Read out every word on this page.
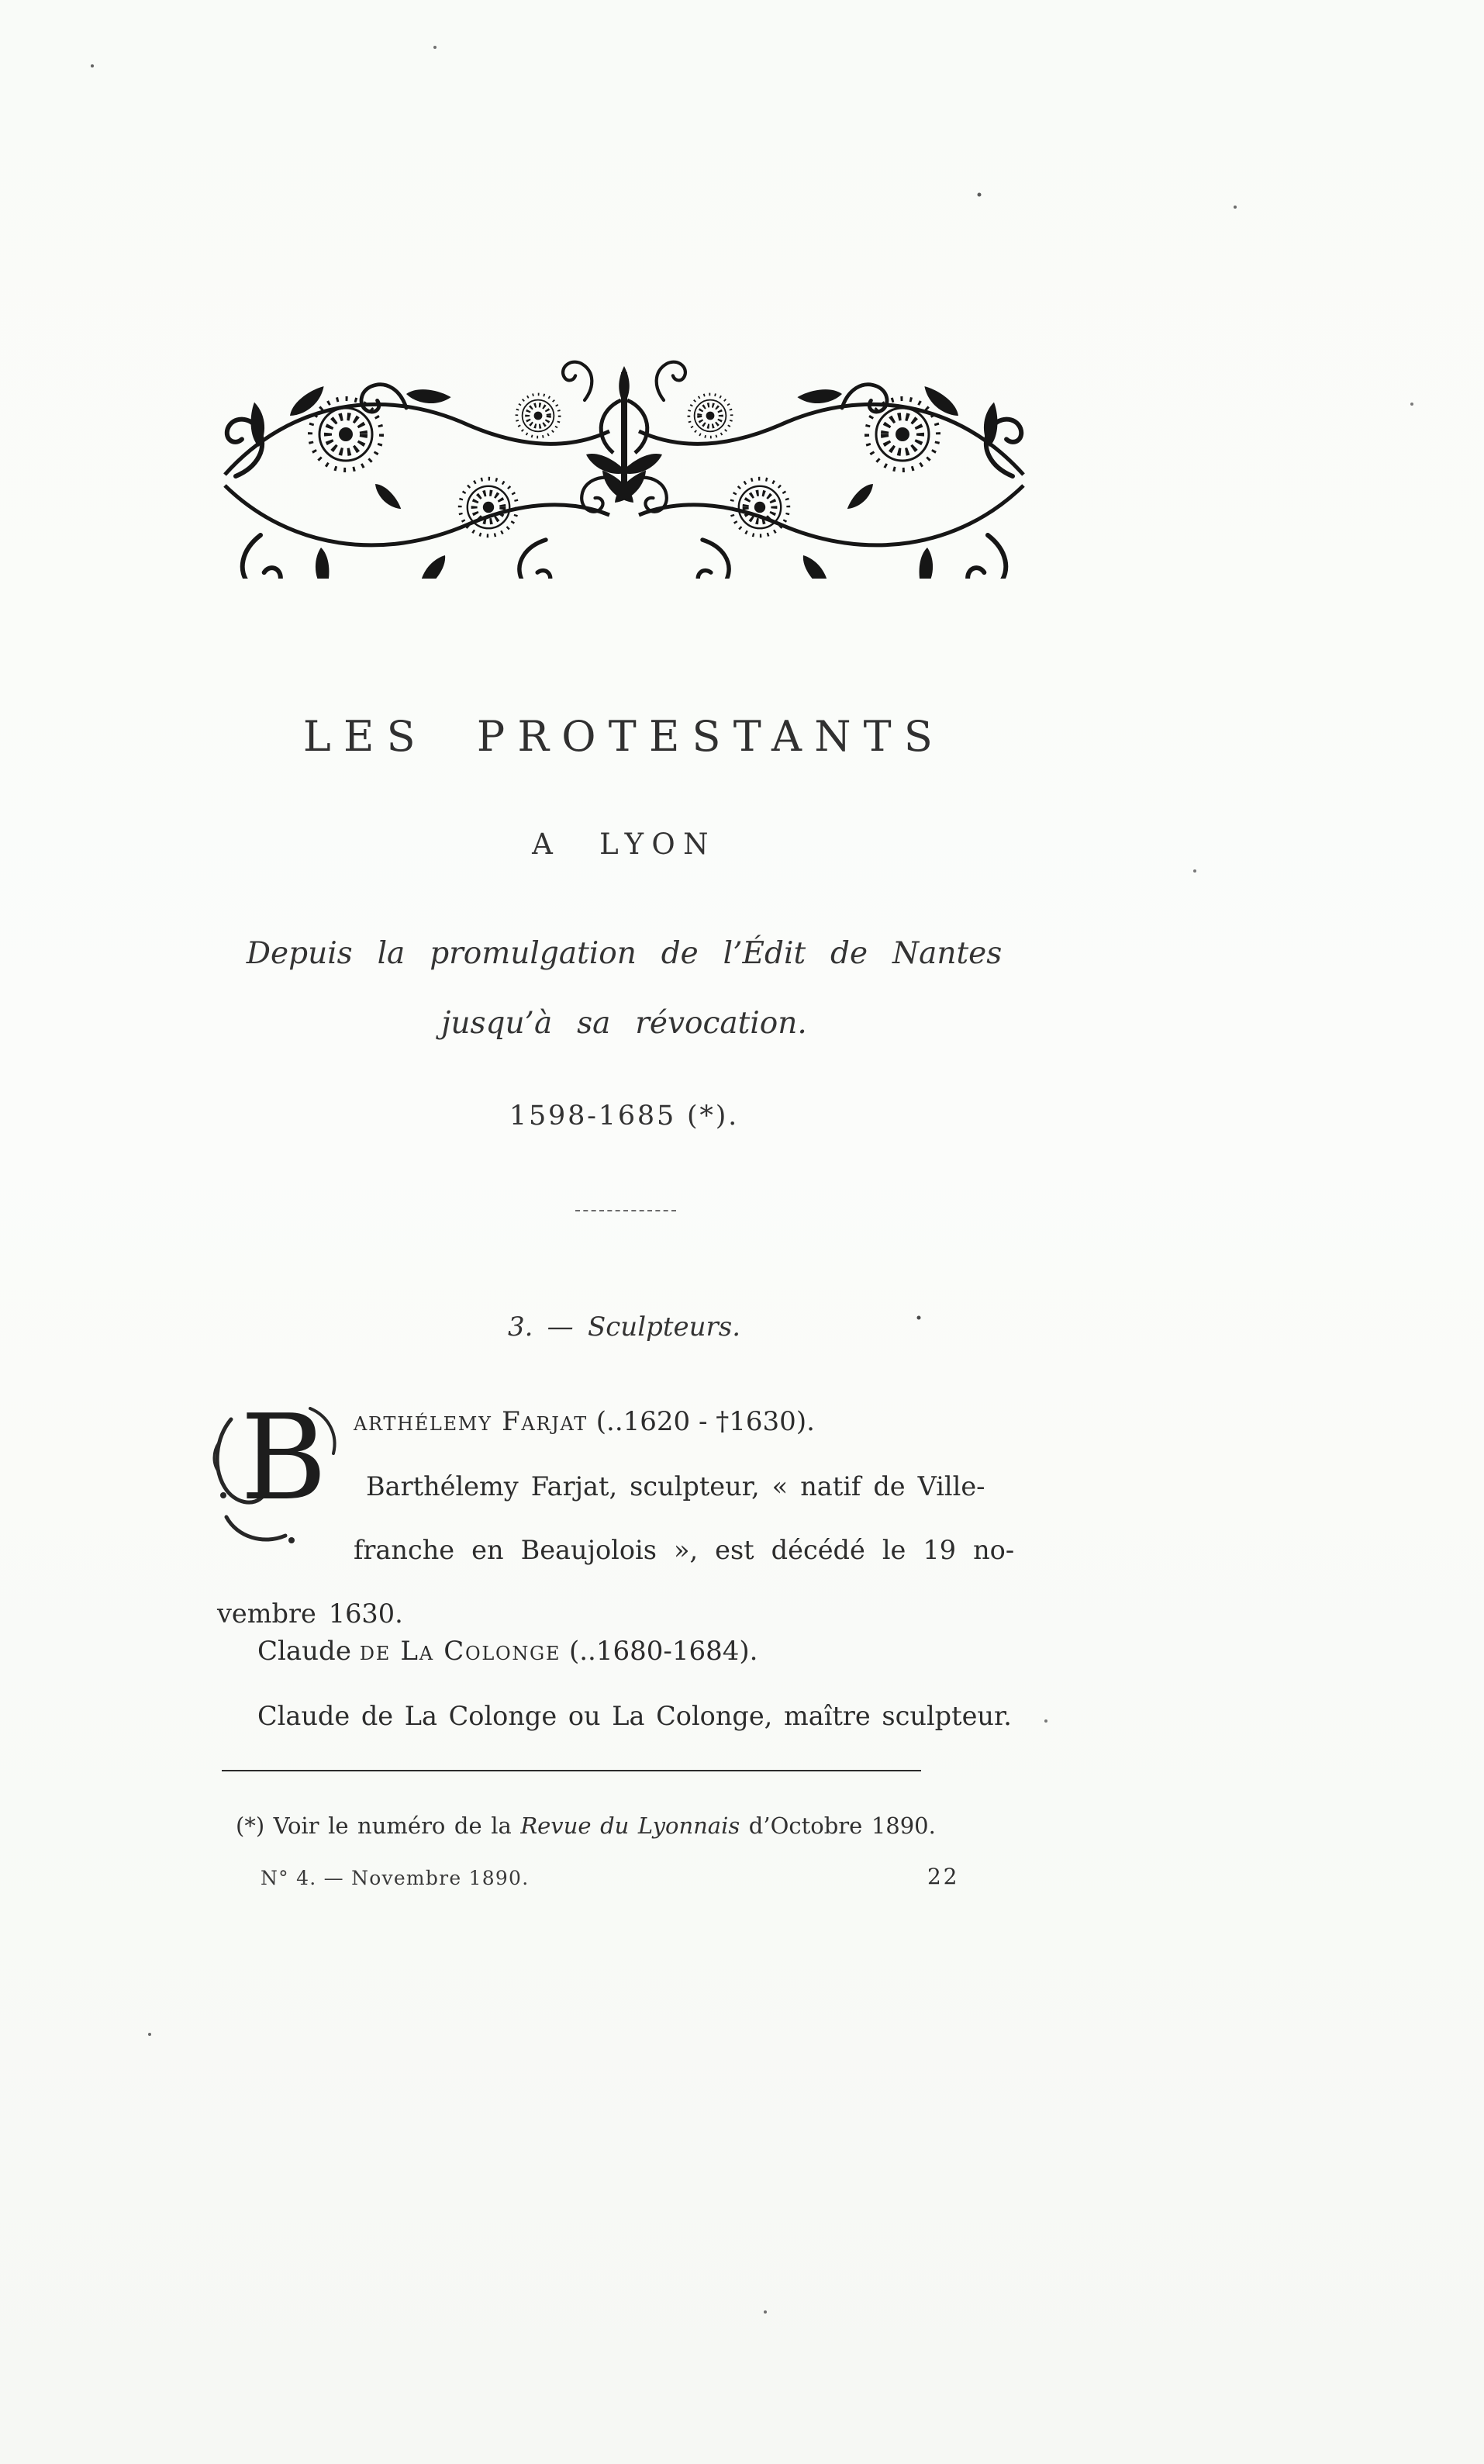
LES PROTESTANTS
A LYON
Depuis la promulgation de l’Édit de Nantes
jusqu’à sa révocation.
1598-1685 (*).
3. — Sculpteurs.
B arthélemy Farjat (..1620 - †1630).
Barthélemy Farjat, sculpteur, « natif de Ville-
franche en Beaujolois », est décédé le 19 no-
vembre 1630.
Claude de La Colonge (..1680-1684).
Claude de La Colonge ou La Colonge, maître sculpteur.
(*) Voir le numéro de la Revue du Lyonnais d’Octobre 1890.
N° 4. — Novembre 1890.	22
